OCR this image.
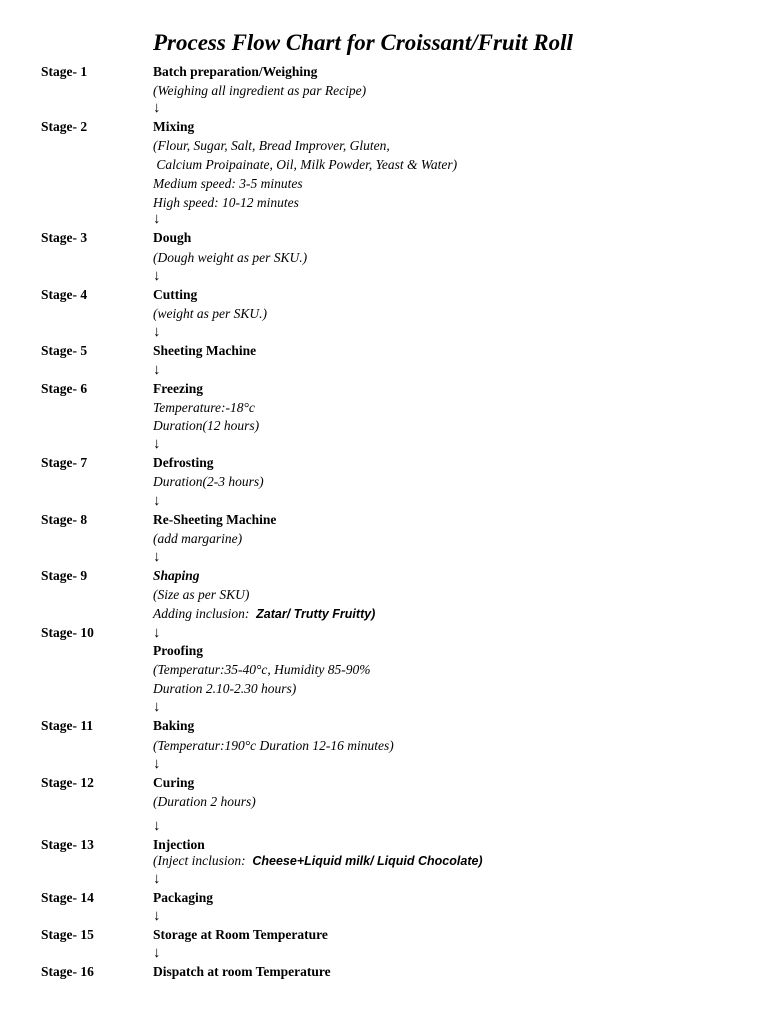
Process Flow Chart for Croissant/Fruit Roll
Stage- 1	Batch preparation/Weighing
(Weighing all ingredient as par Recipe)
↓
Stage- 2	Mixing
(Flour, Sugar, Salt, Bread Improver, Gluten,
Calcium Proipainate, Oil, Milk Powder, Yeast & Water)
Medium speed: 3-5 minutes
High speed: 10-12 minutes
↓
Stage- 3	Dough
(Dough weight as per SKU.)
↓
Stage- 4	Cutting
(weight as per SKU.)
↓
Stage- 5	Sheeting Machine
↓
Stage- 6	Freezing
Temperature:-18°c
Duration(12 hours)
↓
Stage- 7	Defrosting
Duration(2-3 hours)
↓
Stage- 8	Re-Sheeting Machine
(add margarine)
↓
Stage- 9	Shaping
(Size as per SKU)
Adding inclusion:  Zatar/ Trutty Fruitty)
Stage- 10	↓
Proofing
(Temperatur:35-40°c, Humidity 85-90%
Duration 2.10-2.30 hours)
↓
Stage- 11	Baking
(Temperatur:190°c Duration 12-16 minutes)
↓
Stage- 12	Curing
(Duration 2 hours)
↓
Stage- 13	Injection
(Inject inclusion:  Cheese+Liquid milk/ Liquid Chocolate)
↓
Stage- 14	Packaging
↓
Stage- 15	Storage at Room Temperature
↓
Stage- 16	Dispatch at room Temperature
